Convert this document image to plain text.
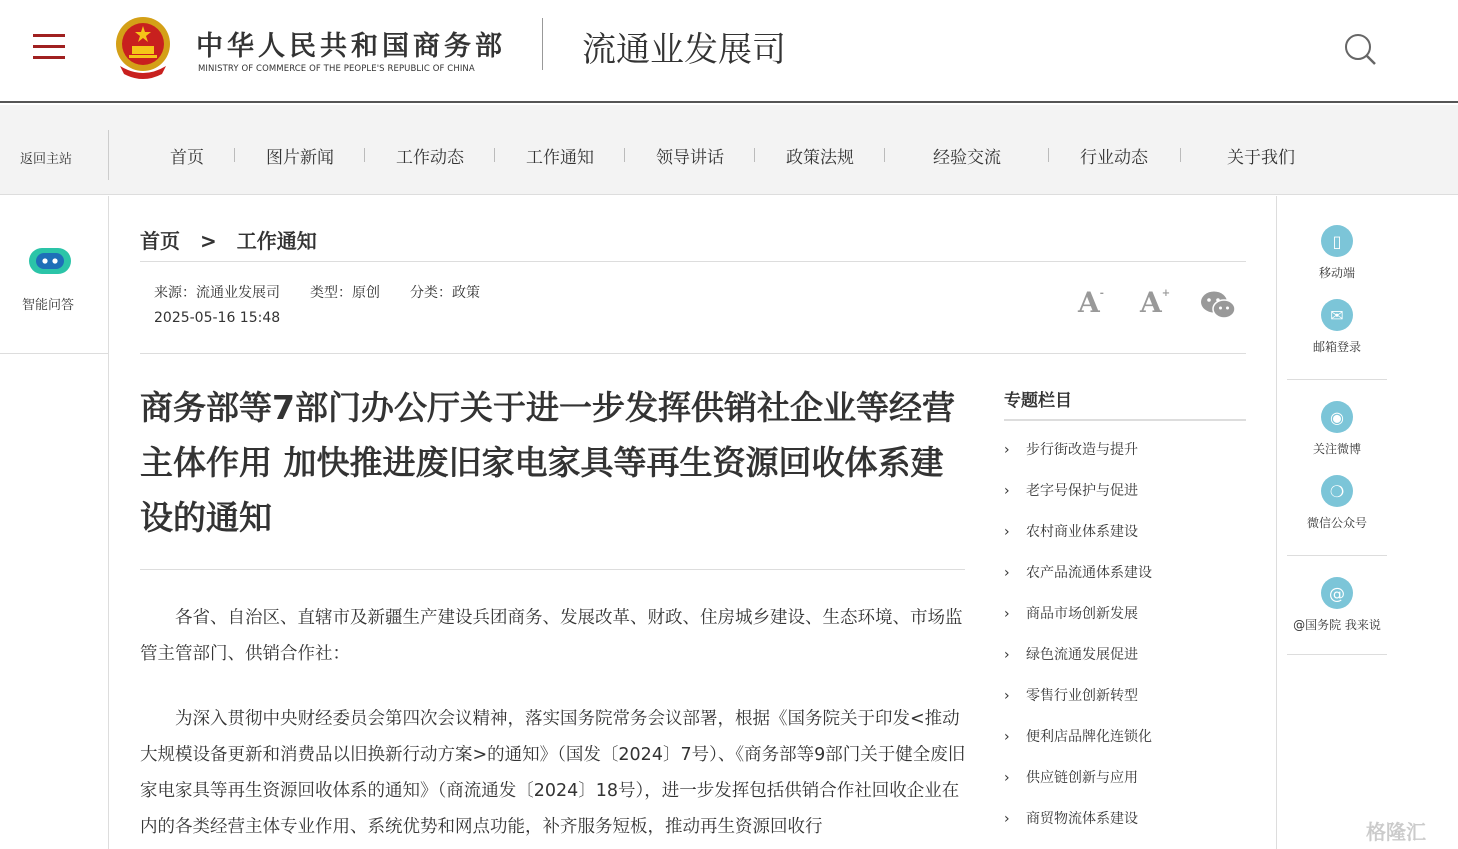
中华人民共和国商务部
MINISTRY OF COMMERCE OF THE PEOPLE'S REPUBLIC OF CHINA	流通业发展司
返回主站	首页	图片新闻	工作动态	工作通知	领导讲话	政策法规	经验交流	行业动态	关于我们
智能问答
▯
移动端
✉
邮箱登录
◉
关注微博
❍
微信公众号
@
@国务院 我来说
首页 > 工作通知
来源：流通业发展司 类型：原创 分类：政策
2025-05-16 15:48	A- A+
商务部等7部门办公厅关于进一步发挥供销社企业等经营主体作用 加快推进废旧家电家具等再生资源回收体系建设的通知
各省、自治区、直辖市及新疆生产建设兵团商务、发展改革、财政、住房城乡建设、生态环境、市场监管主管部门、供销合作社：
为深入贯彻中央财经委员会第四次会议精神，落实国务院常务会议部署，根据《国务院关于印发<推动大规模设备更新和消费品以旧换新行动方案>的通知》（国发〔2024〕7号）、《商务部等9部门关于健全废旧家电家具等再生资源回收体系的通知》（商流通发〔2024〕18号），进一步发挥包括供销合作社回收企业在内的各类经营主体专业作用、系统优势和网点功能，补齐服务短板，推动再生资源回收行
专题栏目
› 步行街改造与提升
› 老字号保护与促进
› 农村商业体系建设
› 农产品流通体系建设
› 商品市场创新发展
› 绿色流通发展促进
› 零售行业创新转型
› 便利店品牌化连锁化
› 供应链创新与应用
› 商贸物流体系建设
格隆汇
